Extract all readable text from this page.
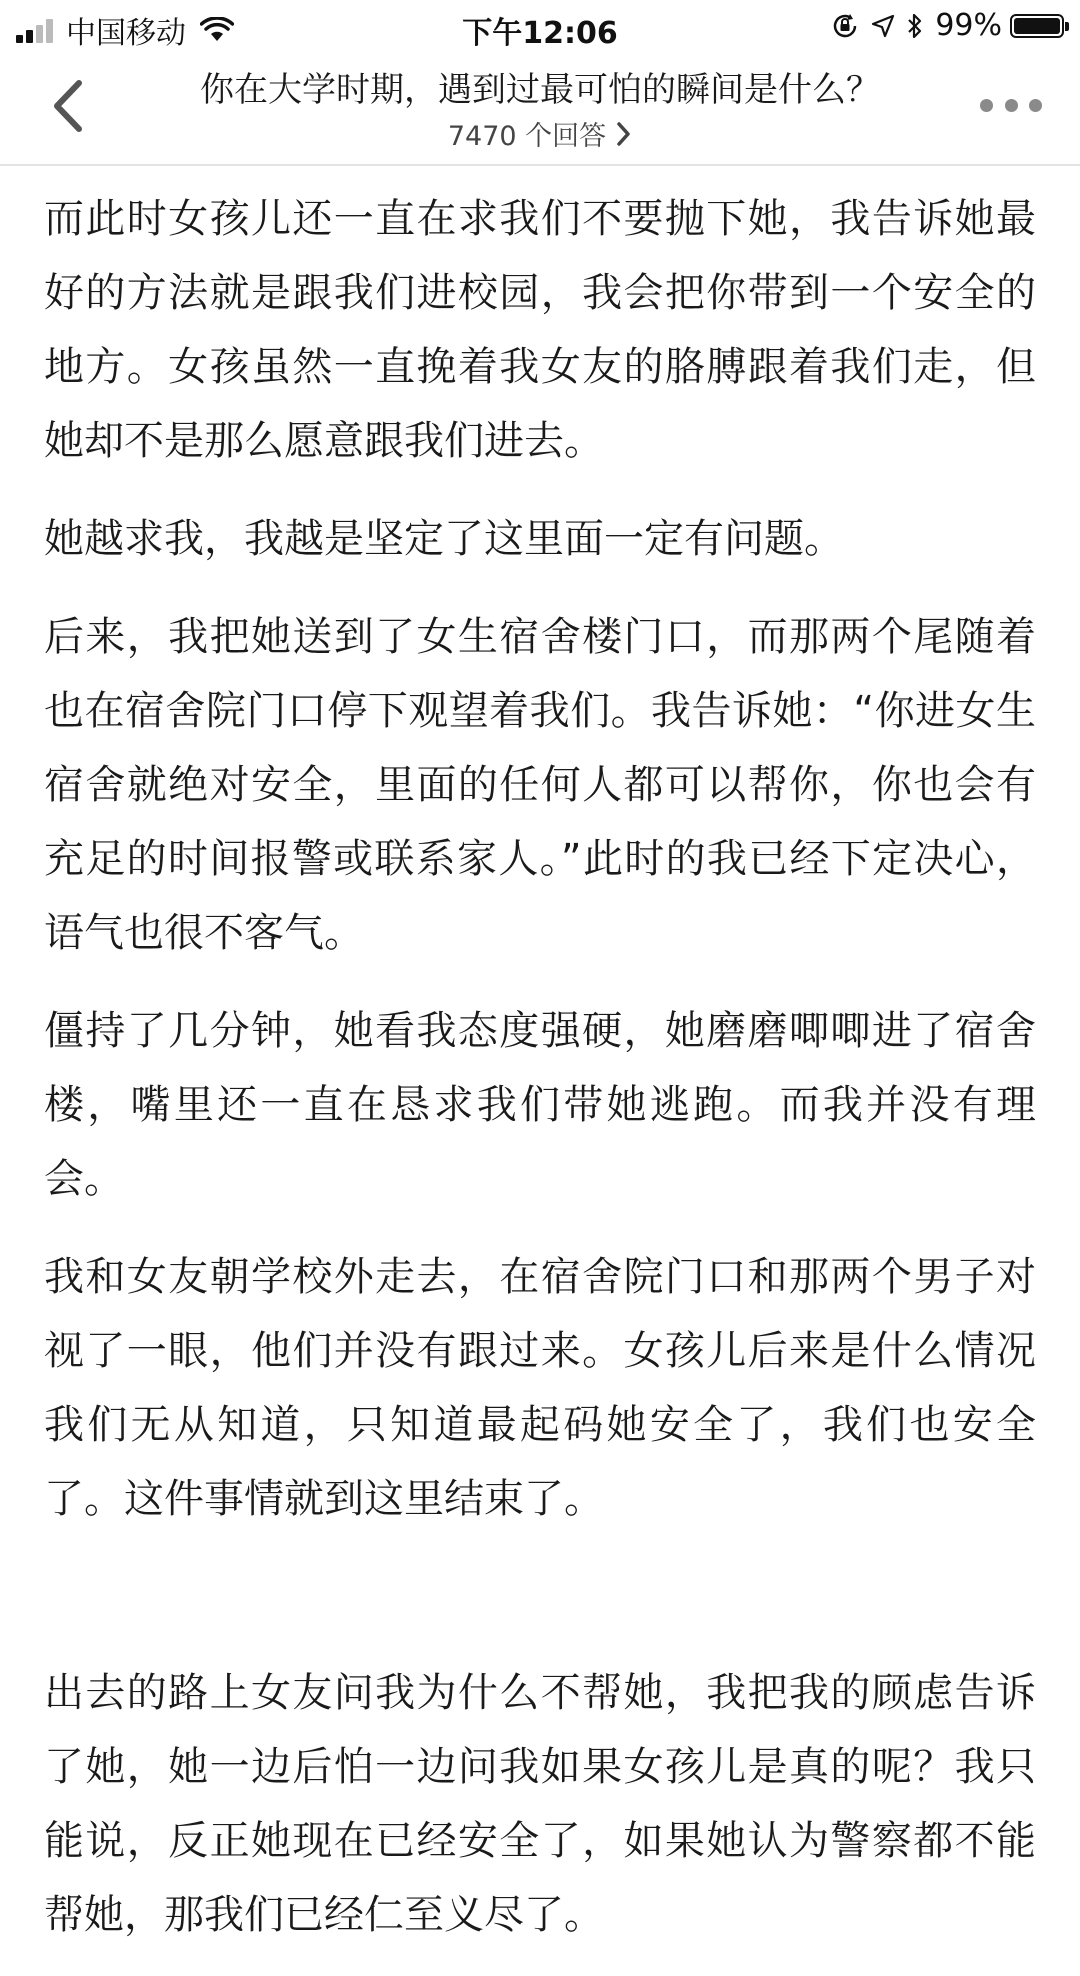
中国移动	下午12:06	99%
你在大学时期，遇到过最可怕的瞬间是什么？
7470 个回答

而此时女孩儿还一直在求我们不要抛下她，我告诉她最好的方法就是跟我们进校园，我会把你带到一个安全的地方。女孩虽然一直挽着我女友的胳膊跟着我们走，但她却不是那么愿意跟我们进去。

她越求我，我越是坚定了这里面一定有问题。

后来，我把她送到了女生宿舍楼门口，而那两个尾随着也在宿舍院门口停下观望着我们。我告诉她：“你进女生宿舍就绝对安全，里面的任何人都可以帮你，你也会有充足的时间报警或联系家人。”此时的我已经下定决心，语气也很不客气。

僵持了几分钟，她看我态度强硬，她磨磨唧唧进了宿舍楼，嘴里还一直在恳求我们带她逃跑。而我并没有理会。

我和女友朝学校外走去，在宿舍院门口和那两个男子对视了一眼，他们并没有跟过来。女孩儿后来是什么情况我们无从知道，只知道最起码她安全了，我们也安全了。这件事情就到这里结束了。

出去的路上女友问我为什么不帮她，我把我的顾虑告诉了她，她一边后怕一边问我如果女孩儿是真的呢？我只能说，反正她现在已经安全了，如果她认为警察都不能帮她，那我们已经仁至义尽了。
